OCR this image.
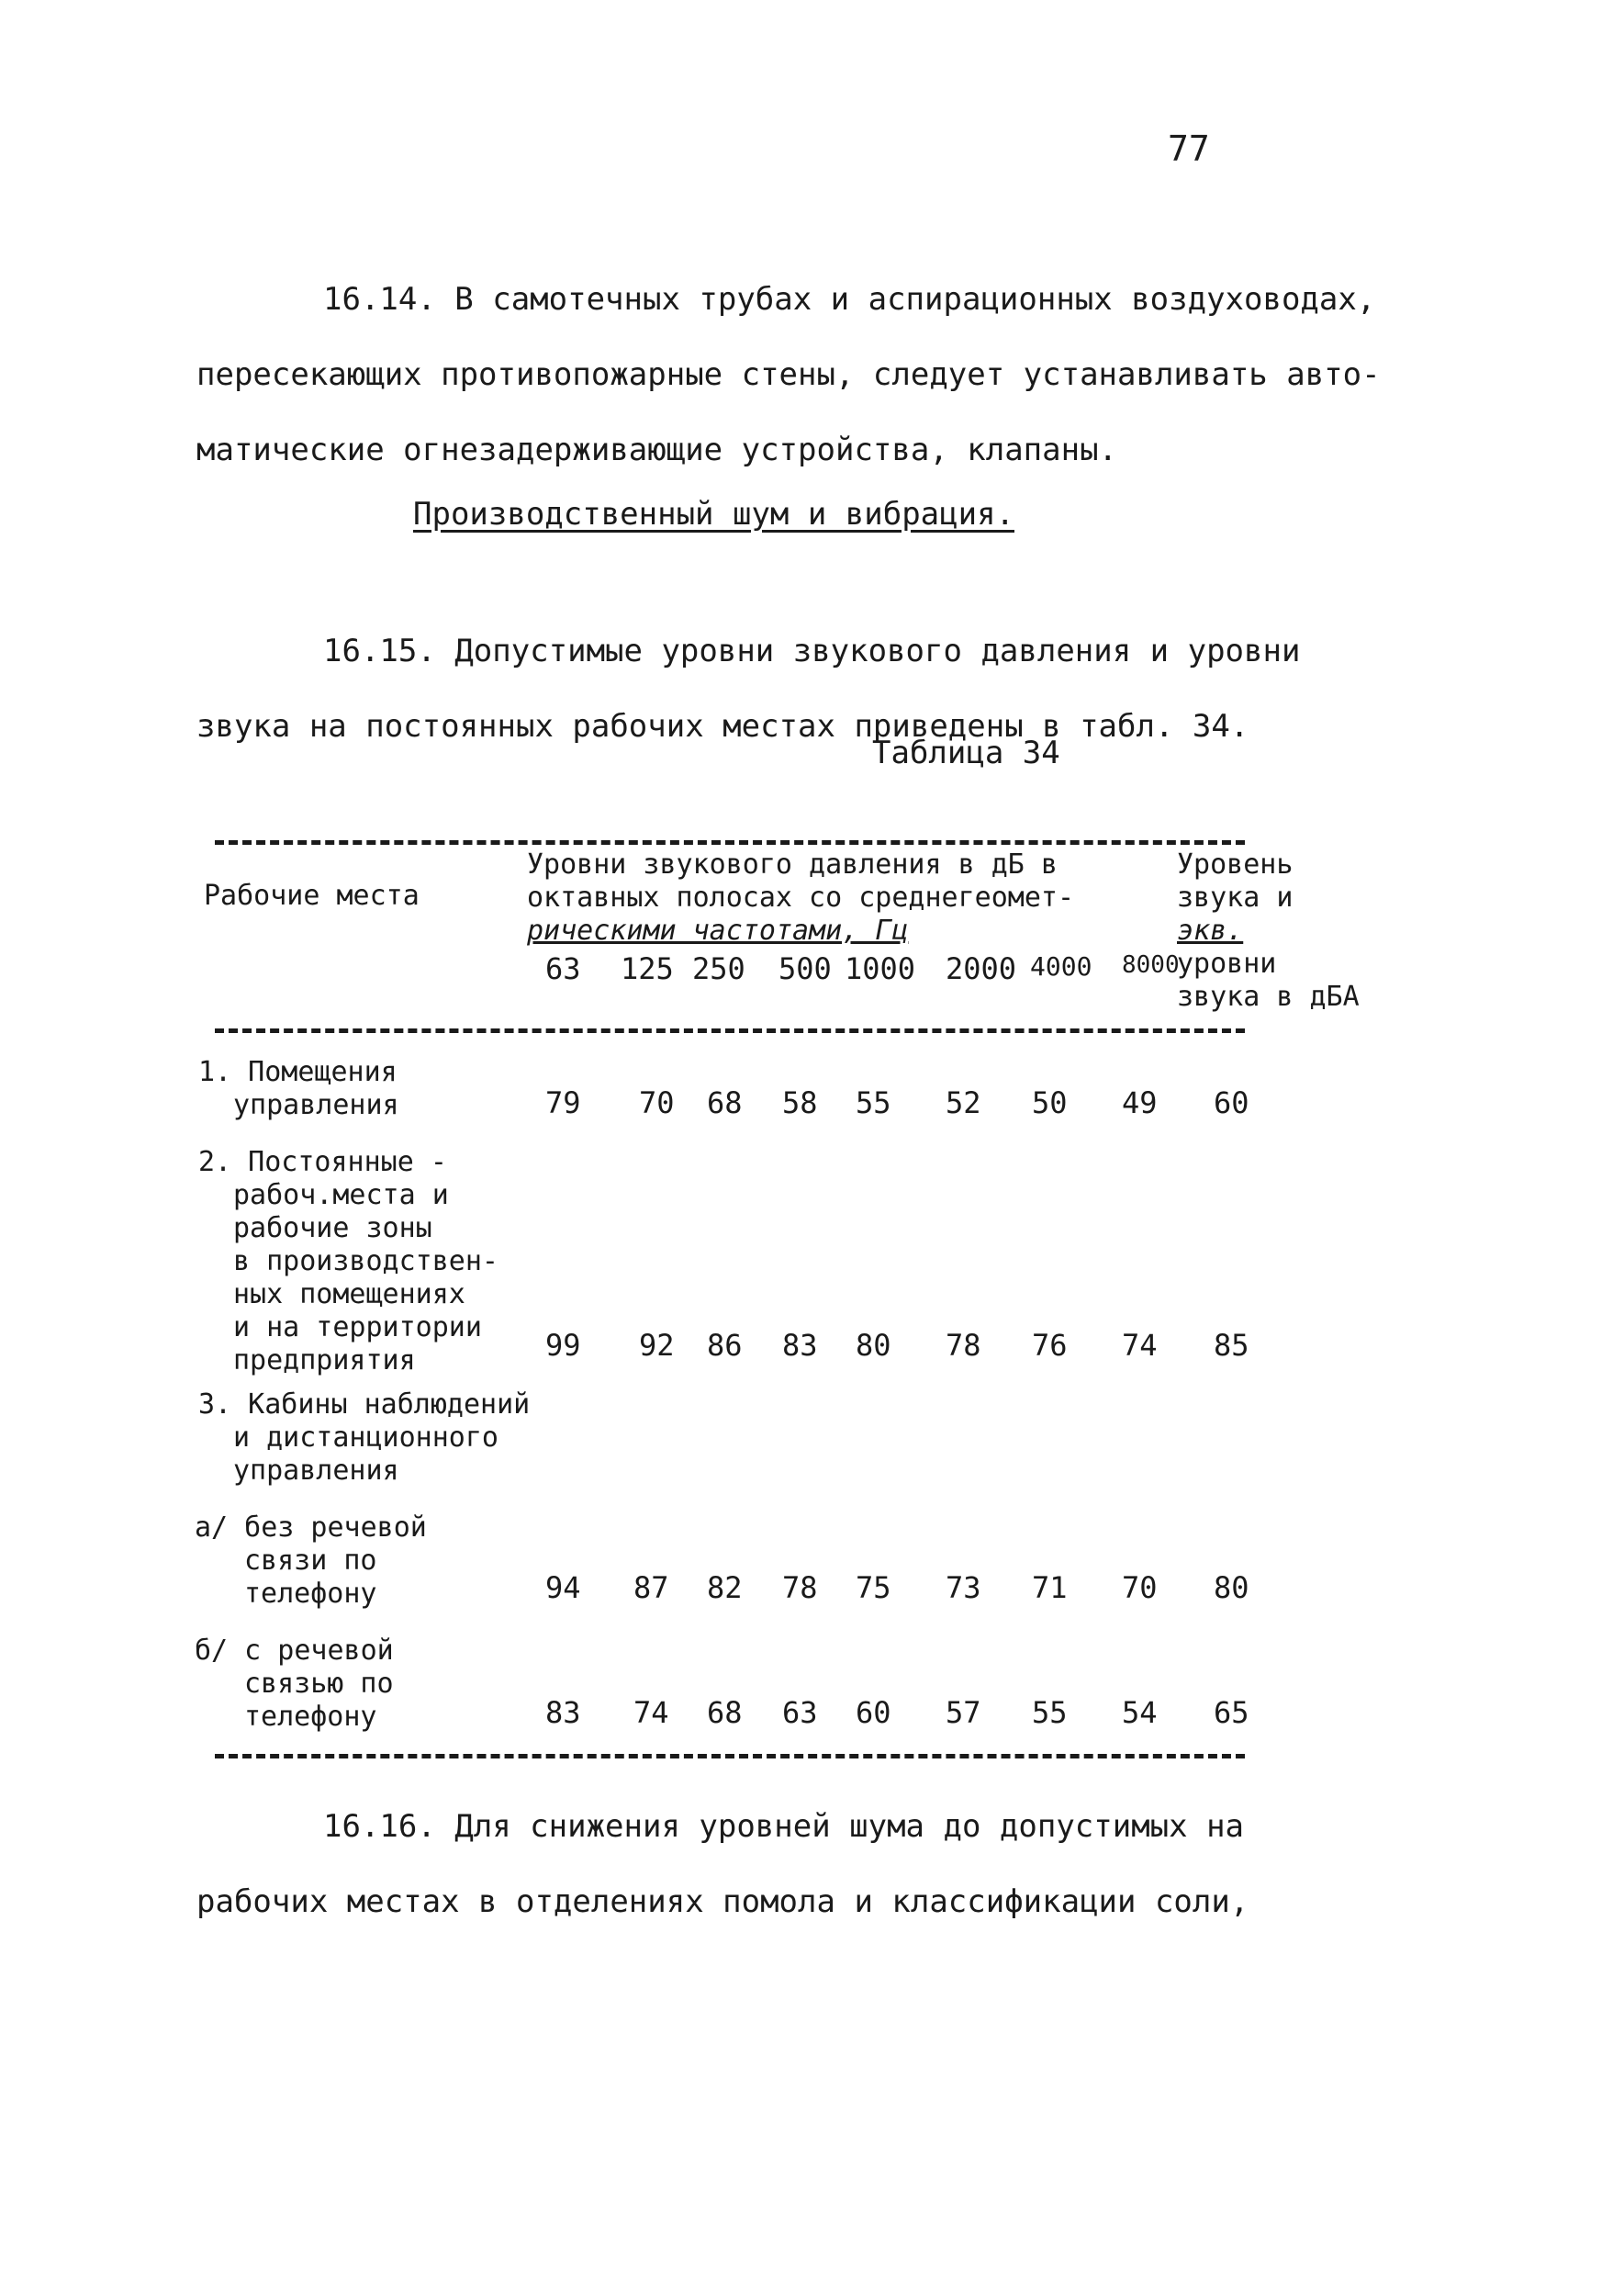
77
16.14. В самотечных трубах и аспирационных воздуховодах,
пересекающих противопожарные стены, следует устанавливать авто-
матические огнезадерживающие устройства, клапаны.
Производственный шум и вибрация.
16.15. Допустимые уровни звукового давления и уровни
звука на постоянных рабочих местах приведены в табл. 34.
Таблица 34
Рабочие места
Уровни звукового давления в дБ в
октавных полосах со среднегеомет-
рическими частотами, Гц
Уровень
звука и
экв.
уровни
звука в дБА
63 125 250 500 1000 2000 4000 8000
1. Помещения
управления	79 70 68 58 55 52 50 49 60
2. Постоянные -
рабоч.места и
рабочие зоны
в производствен-
ных помещениях
и на территории
предприятия	99 92 86 83 80 78 76 74 85
3. Кабины наблюдений
и дистанционного
управления
а/ без речевой
связи по
телефону	94 87 82 78 75 73 71 70 80
б/ с речевой
связью по
телефону	83 74 68 63 60 57 55 54 65
16.16. Для снижения уровней шума до допустимых на
рабочих местах в отделениях помола и классификации соли,
